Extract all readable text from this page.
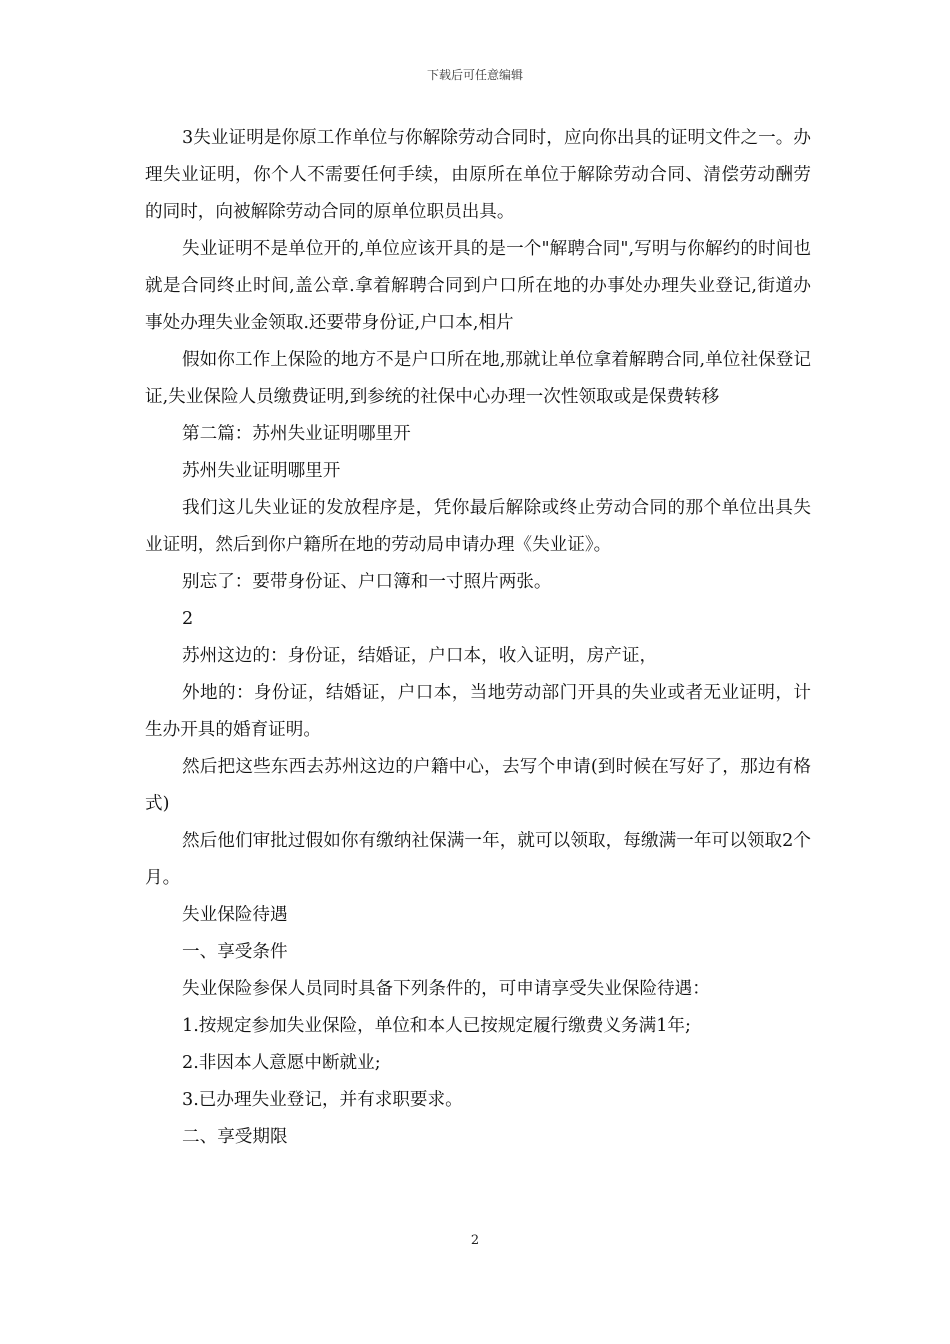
下载后可任意编辑

3失业证明是你原工作单位与你解除劳动合同时，应向你出具的证明文件之一。办理失业证明，你个人不需要任何手续，由原所在单位于解除劳动合同、清偿劳动酬劳的同时，向被解除劳动合同的原单位职员出具。

失业证明不是单位开的,单位应该开具的是一个"解聘合同",写明与你解约的时间也就是合同终止时间,盖公章.拿着解聘合同到户口所在地的办事处办理失业登记,街道办事处办理失业金领取.还要带身份证,户口本,相片

假如你工作上保险的地方不是户口所在地,那就让单位拿着解聘合同,单位社保登记证,失业保险人员缴费证明,到参统的社保中心办理一次性领取或是保费转移

第二篇：苏州失业证明哪里开

苏州失业证明哪里开

我们这儿失业证的发放程序是，凭你最后解除或终止劳动合同的那个单位出具失业证明，然后到你户籍所在地的劳动局申请办理《失业证》。

别忘了：要带身份证、户口簿和一寸照片两张。

2

苏州这边的：身份证，结婚证，户口本，收入证明，房产证，

外地的：身份证，结婚证，户口本，当地劳动部门开具的失业或者无业证明，计生办开具的婚育证明。

然后把这些东西去苏州这边的户籍中心，去写个申请(到时候在写好了，那边有格式)

然后他们审批过假如你有缴纳社保满一年，就可以领取，每缴满一年可以领取2个月。

失业保险待遇

一、享受条件

失业保险参保人员同时具备下列条件的，可申请享受失业保险待遇：

1.按规定参加失业保险，单位和本人已按规定履行缴费义务满1年;

2.非因本人意愿中断就业;

3.已办理失业登记，并有求职要求。

二、享受期限

2
